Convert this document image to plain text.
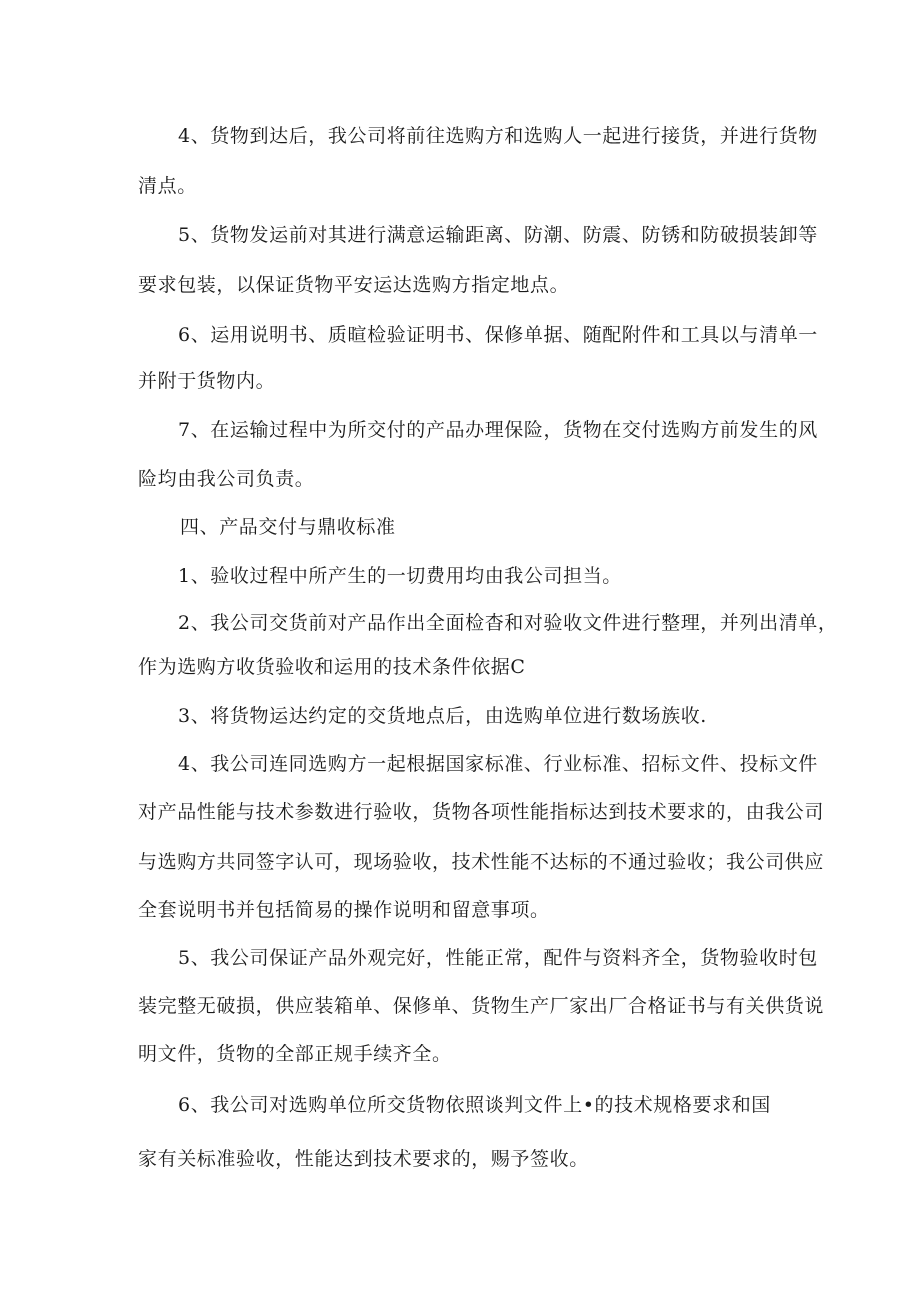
4、货物到达后，我公司将前往选购方和选购人一起进行接货，并进行货物
清点。
5、货物发运前对其进行满意运输距离、防潮、防震、防锈和防破损装卸等
要求包装，以保证货物平安运达选购方指定地点。
6、运用说明书、质暄检验证明书、保修单据、随配附件和工具以与清单一
并附于货物内。
7、在运输过程中为所交付的产品办理保险，货物在交付选购方前发生的风
险均由我公司负责。
四、产品交付与鼎收标准
1、验收过程中所产生的一切费用均由我公司担当。
2、我公司交货前对产品作出全面检杳和对验收文件进行整理，并列出清单，
作为选购方收货验收和运用的技术条件依据C
3、将货物运达约定的交货地点后，由选购单位进行数场族收.
4、我公司连同选购方一起根据国家标准、行业标准、招标文件、投标文件
对产品性能与技术参数进行验收，货物各项性能指标达到技术要求的，由我公司
与选购方共同签字认可，现场验收，技术性能不达标的不通过验收；我公司供应
全套说明书并包括简易的操作说明和留意事项。
5、我公司保证产品外观完好，性能正常，配件与资料齐全，货物验收时包
装完整无破损，供应装箱单、保修单、货物生产厂家出厂合格证书与有关供货说
明文件，货物的全部正规手续齐全。
6、我公司对选购单位所交货物依照谈判文件上•的技术规格要求和国
家有关标准验收，性能达到技术要求的，赐予签收。
